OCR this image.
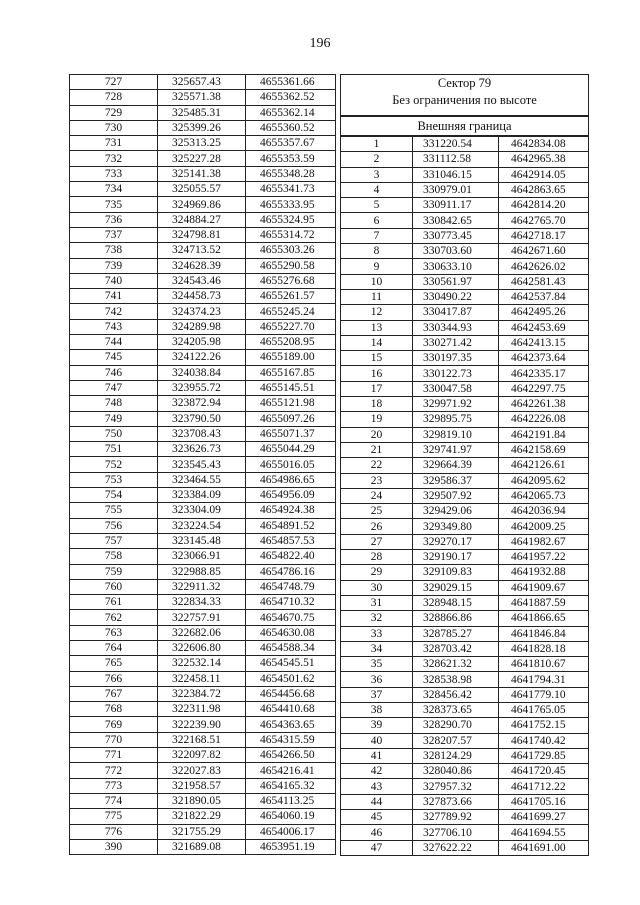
196
727	325657.43	4655361.66
728	325571.38	4655362.52
729	325485.31	4655362.14
730	325399.26	4655360.52
731	325313.25	4655357.67
732	325227.28	4655353.59
733	325141.38	4655348.28
734	325055.57	4655341.73
735	324969.86	4655333.95
736	324884.27	4655324.95
737	324798.81	4655314.72
738	324713.52	4655303.26
739	324628.39	4655290.58
740	324543.46	4655276.68
741	324458.73	4655261.57
742	324374.23	4655245.24
743	324289.98	4655227.70
744	324205.98	4655208.95
745	324122.26	4655189.00
746	324038.84	4655167.85
747	323955.72	4655145.51
748	323872.94	4655121.98
749	323790.50	4655097.26
750	323708.43	4655071.37
751	323626.73	4655044.29
752	323545.43	4655016.05
753	323464.55	4654986.65
754	323384.09	4654956.09
755	323304.09	4654924.38
756	323224.54	4654891.52
757	323145.48	4654857.53
758	323066.91	4654822.40
759	322988.85	4654786.16
760	322911.32	4654748.79
761	322834.33	4654710.32
762	322757.91	4654670.75
763	322682.06	4654630.08
764	322606.80	4654588.34
765	322532.14	4654545.51
766	322458.11	4654501.62
767	322384.72	4654456.68
768	322311.98	4654410.68
769	322239.90	4654363.65
770	322168.51	4654315.59
771	322097.82	4654266.50
772	322027.83	4654216.41
773	321958.57	4654165.32
774	321890.05	4654113.25
775	321822.29	4654060.19
776	321755.29	4654006.17
390	321689.08	4653951.19
Сектор 79
Без ограничения по высоте		

Внешняя граница		
1	331220.54	4642834.08
2	331112.58	4642965.38
3	331046.15	4642914.05
4	330979.01	4642863.65
5	330911.17	4642814.20
6	330842.65	4642765.70
7	330773.45	4642718.17
8	330703.60	4642671.60
9	330633.10	4642626.02
10	330561.97	4642581.43
11	330490.22	4642537.84
12	330417.87	4642495.26
13	330344.93	4642453.69
14	330271.42	4642413.15
15	330197.35	4642373.64
16	330122.73	4642335.17
17	330047.58	4642297.75
18	329971.92	4642261.38
19	329895.75	4642226.08
20	329819.10	4642191.84
21	329741.97	4642158.69
22	329664.39	4642126.61
23	329586.37	4642095.62
24	329507.92	4642065.73
25	329429.06	4642036.94
26	329349.80	4642009.25
27	329270.17	4641982.67
28	329190.17	4641957.22
29	329109.83	4641932.88
30	329029.15	4641909.67
31	328948.15	4641887.59
32	328866.86	4641866.65
33	328785.27	4641846.84
34	328703.42	4641828.18
35	328621.32	4641810.67
36	328538.98	4641794.31
37	328456.42	4641779.10
38	328373.65	4641765.05
39	328290.70	4641752.15
40	328207.57	4641740.42
41	328124.29	4641729.85
42	328040.86	4641720.45
43	327957.32	4641712.22
44	327873.66	4641705.16
45	327789.92	4641699.27
46	327706.10	4641694.55
47	327622.22	4641691.00
